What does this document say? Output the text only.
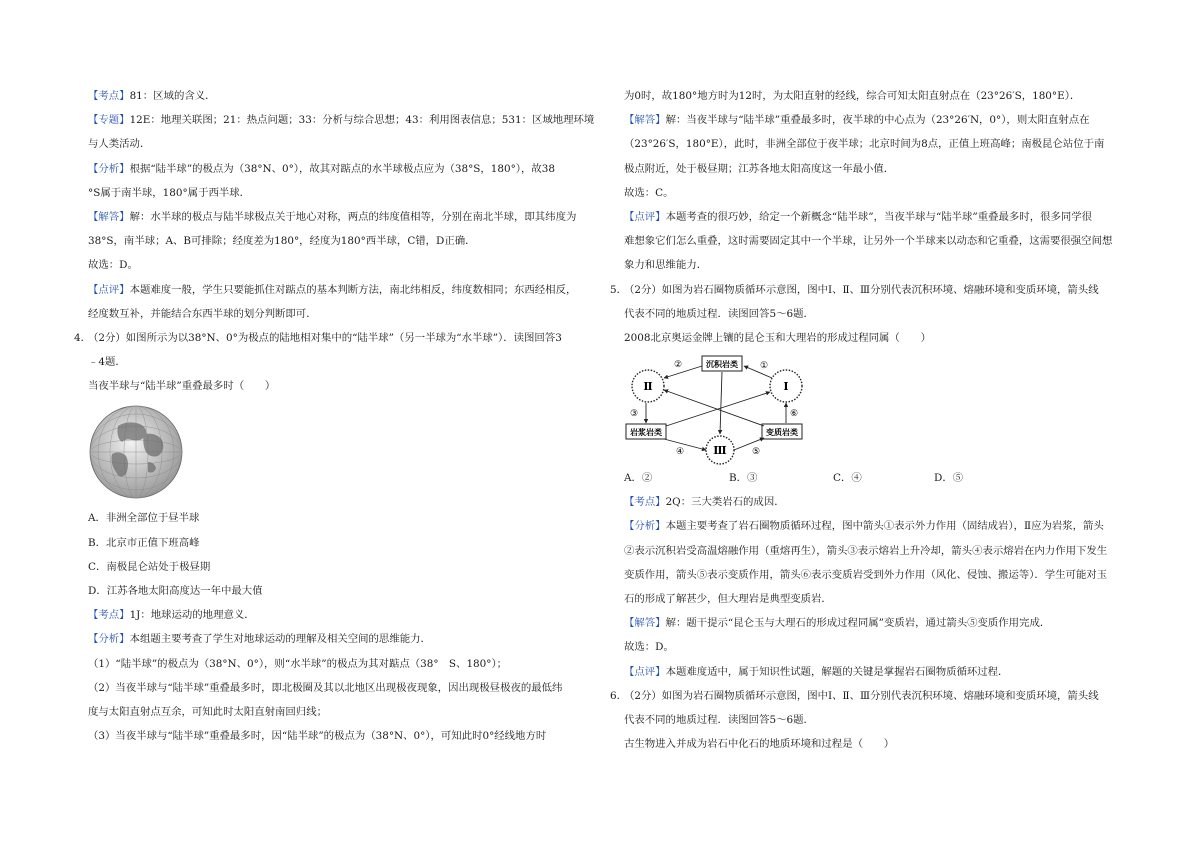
【考点】81：区域的含义．
【专题】12E：地理关联图；21：热点问题；33：分析与综合思想；43：利用图表信息；531：区域地理环境
与人类活动．
【分析】根据“陆半球”的极点为（38°N、0°），故其对踮点的水半球极点应为（38°S，180°），故38
°S属于南半球，180°属于西半球．
【解答】解：水半球的极点与陆半球极点关于地心对称，两点的纬度值相等，分别在南北半球，即其纬度为
38°S，南半球；A、B可排除；经度差为180°，经度为180°西半球，C错，D正确．
故选：D。
【点评】本题难度一般，学生只要能抓住对踮点的基本判断方法，南北纬相反，纬度数相同；东西经相反，
经度数互补，并能结合东西半球的划分判断即可．
4．
（2分）如图所示为以38°N、0°为极点的陆地相对集中的“陆半球”（另一半球为“水半球”）．读图回答3
﹣4题．
当夜半球与“陆半球”重叠最多时（　　）
A．非洲全部位于昼半球
B．北京市正值下班高峰
C．南极昆仑站处于极昼期
D．江苏各地太阳高度达一年中最大值
【考点】1J：地球运动的地理意义．
【分析】本组题主要考查了学生对地球运动的理解及相关空间的思维能力．
（1）“陆半球”的极点为（38°N、0°），则“水半球”的极点为其对踮点（38°　S、180°）；
（2）当夜半球与“陆半球”重叠最多时，即北极圈及其以北地区出现极夜现象，因出现极昼极夜的最低纬
度与太阳直射点互余，可知此时太阳直射南回归线；
（3）当夜半球与“陆半球”重叠最多时，因“陆半球”的极点为（38°N、0°），可知此时0°经线地方时
为0时，故180°地方时为12时，为太阳直射的经线，综合可知太阳直射点在（23°26′S，180°E）．
【解答】解：当夜半球与“陆半球”重叠最多时，夜半球的中心点为（23°26′N，0°），则太阳直射点在
（23°26′S，180°E），此时，非洲全部位于夜半球；北京时间为8点，正值上班高峰；南极昆仑站位于南
极点附近，处于极昼期；江苏各地太阳高度这一年最小值．
故选：C。
【点评】本题考查的很巧妙，给定一个新概念“陆半球”，当夜半球与“陆半球”重叠最多时，很多同学很
难想象它们怎么重叠，这时需要固定其中一个半球，让另外一个半球来以动态和它重叠，这需要很强空间想
象力和思维能力．
5．
（2分）如图为岩石圈物质循环示意图，图中Ⅰ、Ⅱ、Ⅲ分别代表沉积环境、熔融环境和变质环境，箭头线
代表不同的地质过程．读图回答5～6题．
2008北京奥运金牌上镶的昆仑玉和大理岩的形成过程同属（　　）
沉积岩类
岩浆岩类	变质岩类
Ⅱ	Ⅰ
Ⅲ
①
②
③
④	⑤
⑥
A．②	B．③	C．④	D．⑤
【考点】2Q：三大类岩石的成因．
【分析】本题主要考查了岩石圈物质循环过程，图中箭头①表示外力作用（固结成岩），Ⅱ应为岩浆，箭头
②表示沉积岩受高温熔融作用（重熔再生），箭头③表示熔岩上升冷却，箭头④表示熔岩在内力作用下发生
变质作用，箭头⑤表示变质作用，箭头⑥表示变质岩受到外力作用（风化、侵蚀、搬运等）．学生可能对玉
石的形成了解甚少，但大理岩是典型变质岩．
【解答】解：题干提示“昆仑玉与大理石的形成过程同属”变质岩，通过箭头⑤变质作用完成．
故选：D。
【点评】本题难度适中，属于知识性试题，解题的关键是掌握岩石圈物质循环过程．
6．
（2分）如图为岩石圈物质循环示意图，图中Ⅰ、Ⅱ、Ⅲ分别代表沉积环境、熔融环境和变质环境，箭头线
代表不同的地质过程．读图回答5～6题．
古生物进入并成为岩石中化石的地质环境和过程是（　　）
